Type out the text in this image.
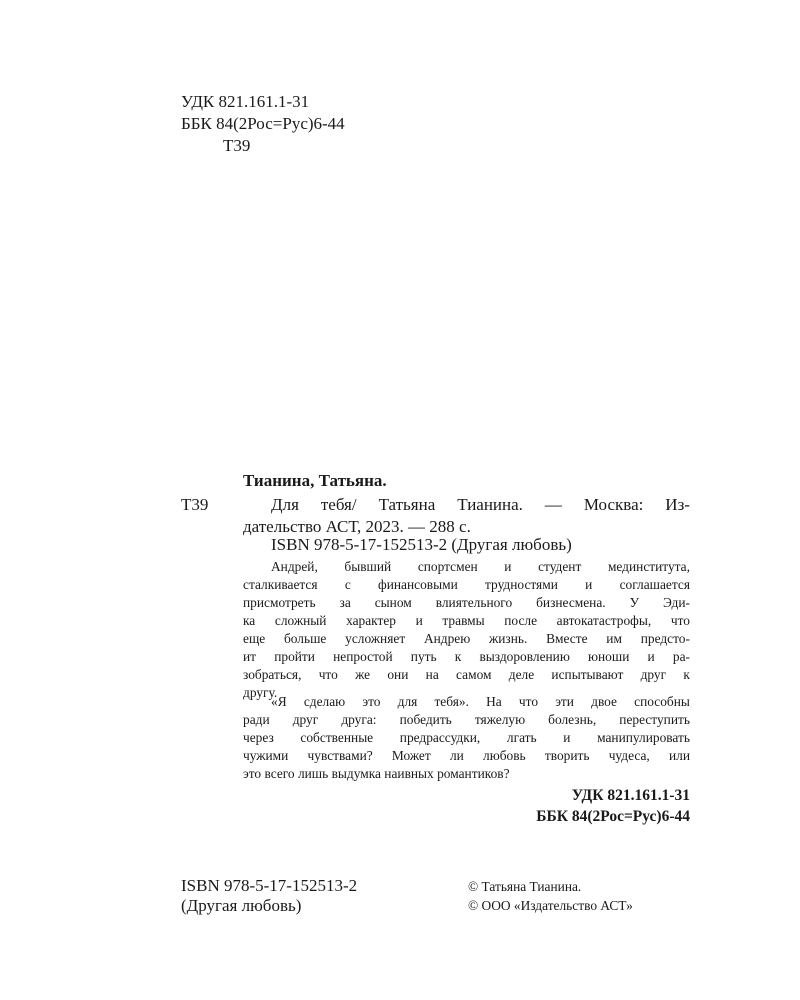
УДК 821.161.1-31
ББК 84(2Рос=Рус)6-44
Т39
Тианина, Татьяна.
Т39	Для тебя/ Татьяна Тианина. — Москва: Из-
дательство АСТ, 2023. — 288 с.
ISBN 978-5-17-152513-2 (Другая любовь)
Андрей, бывший спортсмен и студент мединститута,
сталкивается с финансовыми трудностями и соглашается
присмотреть за сыном влиятельного бизнесмена. У Эди-
ка сложный характер и травмы после автокатастрофы, что
еще больше усложняет Андрею жизнь. Вместе им предсто-
ит пройти непростой путь к выздоровлению юноши и ра-
зобраться, что же они на самом деле испытывают друг к
другу.
«Я сделаю это для тебя». На что эти двое способны
ради друг друга: победить тяжелую болезнь, переступить
через собственные предрассудки, лгать и манипулировать
чужими чувствами? Может ли любовь творить чудеса, или
это всего лишь выдумка наивных романтиков?
УДК 821.161.1-31
ББК 84(2Рос=Рус)6-44
ISBN 978-5-17-152513-2
(Другая любовь)
© Татьяна Тианина.
© ООО «Издательство АСТ»
